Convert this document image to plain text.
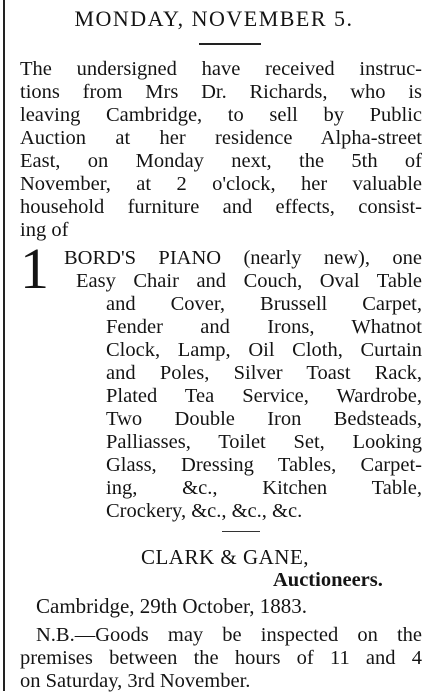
MONDAY, NOVEMBER 5.
The undersigned have received instruc-
tions from Mrs Dr. Richards, who is
leaving Cambridge, to sell by Public
Auction at her residence Alpha-street
East, on Monday next, the 5th of
November, at 2 o'clock, her valuable
household furniture and effects, consist-
ing of
1 BORD'S PIANO (nearly new), one
Easy Chair and Couch, Oval Table
and Cover, Brussell Carpet,
Fender and Irons, Whatnot
Clock, Lamp, Oil Cloth, Curtain
and Poles, Silver Toast Rack,
Plated Tea Service, Wardrobe,
Two Double Iron Bedsteads,
Palliasses, Toilet Set, Looking
Glass, Dressing Tables, Carpet-
ing, &c., Kitchen Table,
Crockery, &c., &c., &c.
CLARK & GANE,
Auctioneers.
Cambridge, 29th October, 1883.
N.B.—Goods may be inspected on the
premises between the hours of 11 and 4
on Saturday, 3rd November.
